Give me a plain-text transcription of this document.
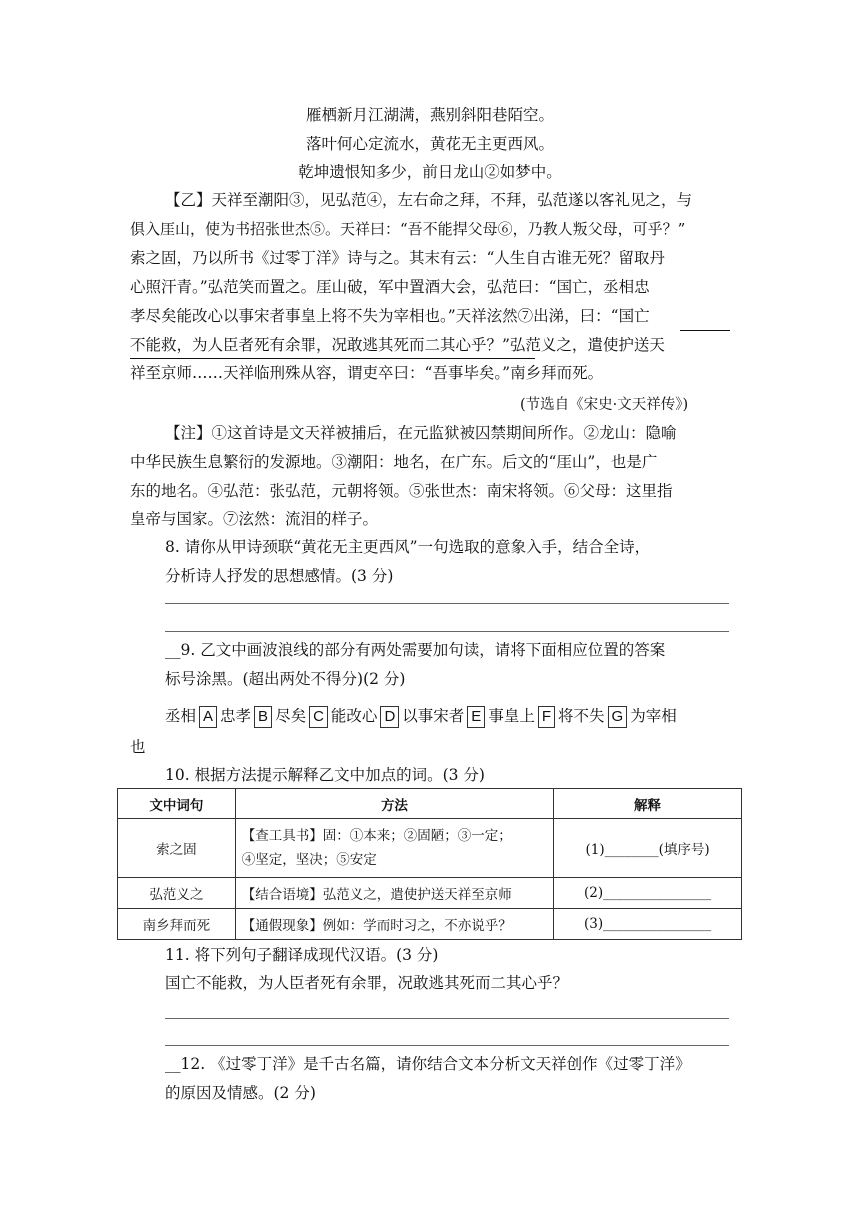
雁栖新月江湖满，燕别斜阳巷陌空。
落叶何心定流水，黄花无主更西风。
乾坤遗恨知多少，前日龙山②如梦中。
【乙】天祥至潮阳③，见弘范④，左右命之拜，不拜，弘范遂以客礼见之，与
俱入厓山，使为书招张世杰⑤。天祥曰：“吾不能捍父母⑥，乃教人叛父母，可乎？”
索之固，乃以所书《过零丁洋》诗与之。其末有云：“人生自古谁无死？留取丹
心照汗青。”弘范笑而置之。厓山破，军中置酒大会，弘范曰：“国亡，丞相忠
孝尽矣能改心以事宋者事皇上将不失为宰相也。”天祥泫然⑦出涕，曰：“国亡
不能救，为人臣者死有余罪，况敢逃其死而二其心乎？”弘范义之，遣使护送天
祥至京师……天祥临刑殊从容，谓吏卒曰：“吾事毕矣。”南乡拜而死。
(节选自《宋史·文天祥传》)
【注】①这首诗是文天祥被捕后，在元监狱被囚禁期间所作。②龙山：隐喻
中华民族生息繁衍的发源地。③潮阳：地名，在广东。后文的“厓山”，也是广
东的地名。④弘范：张弘范，元朝将领。⑤张世杰：南宋将领。⑥父母：这里指
皇帝与国家。⑦泫然：流泪的样子。
8. 请你从甲诗颈联“黄花无主更西风”一句选取的意象入手，结合全诗，
分析诗人抒发的思想感情。(3 分)
__9. 乙文中画波浪线的部分有两处需要加句读，请将下面相应位置的答案
标号涂黑。(超出两处不得分)(2 分)
丞相 A 忠孝 B 尽矣 C 能改心 D 以事宋者 E 事皇上 F 将不失 G 为宰相
也
10. 根据方法提示解释乙文中加点的词。(3 分)
文中词句	方法	解释
索之固	【查工具书】固：①本来；②固陋；③一定；
④坚定，坚决；⑤安定	(1)________(填序号)
弘范义之	【结合语境】弘范义之，遣使护送天祥至京师	(2)________________
南乡拜而死	【通假现象】例如：学而时习之，不亦说乎？	(3)________________
11. 将下列句子翻译成现代汉语。(3 分)
国亡不能救，为人臣者死有余罪，况敢逃其死而二其心乎？
__12. 《过零丁洋》是千古名篇，请你结合文本分析文天祥创作《过零丁洋》
的原因及情感。(2 分)
